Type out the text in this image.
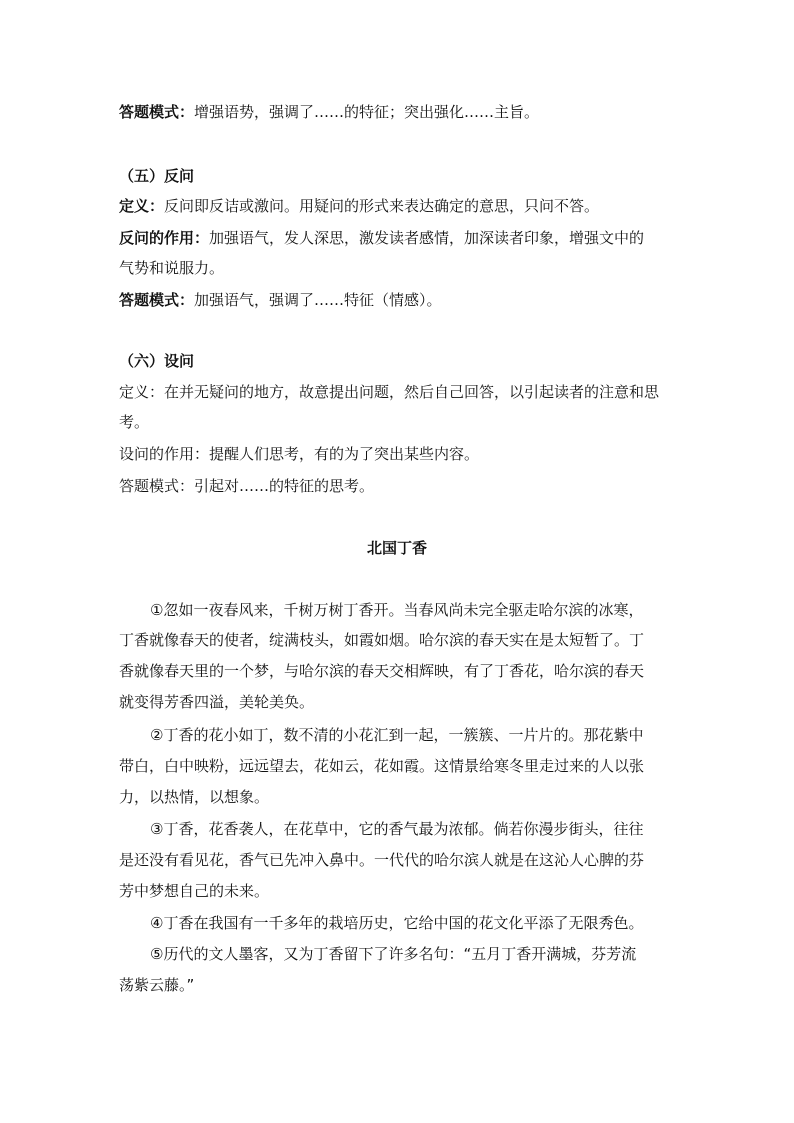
答题模式：增强语势，强调了……的特征；突出强化……主旨。
（五）反问
定义：反问即反诘或激问。用疑问的形式来表达确定的意思，只问不答。
反问的作用：加强语气，发人深思，激发读者感情，加深读者印象，增强文中的
气势和说服力。
答题模式：加强语气，强调了……特征（情感）。
（六）设问
定义：在并无疑问的地方，故意提出问题，然后自己回答，以引起读者的注意和思
考。
设问的作用：提醒人们思考，有的为了突出某些内容。
答题模式：引起对……的特征的思考。
北国丁香
①忽如一夜春风来，千树万树丁香开。当春风尚未完全驱走哈尔滨的冰寒，
丁香就像春天的使者，绽满枝头，如霞如烟。哈尔滨的春天实在是太短暂了。丁
香就像春天里的一个梦，与哈尔滨的春天交相辉映，有了丁香花，哈尔滨的春天
就变得芳香四溢，美轮美奂。
②丁香的花小如丁，数不清的小花汇到一起，一簇簇、一片片的。那花紫中
带白，白中映粉，远远望去，花如云，花如霞。这情景给寒冬里走过来的人以张
力，以热情，以想象。
③丁香，花香袭人，在花草中，它的香气最为浓郁。倘若你漫步街头，往往
是还没有看见花，香气已先冲入鼻中。一代代的哈尔滨人就是在这沁人心脾的芬
芳中梦想自己的未来。
④丁香在我国有一千多年的栽培历史，它给中国的花文化平添了无限秀色。
⑤历代的文人墨客，又为丁香留下了许多名句：“五月丁香开满城，芬芳流
荡紫云藤。”
